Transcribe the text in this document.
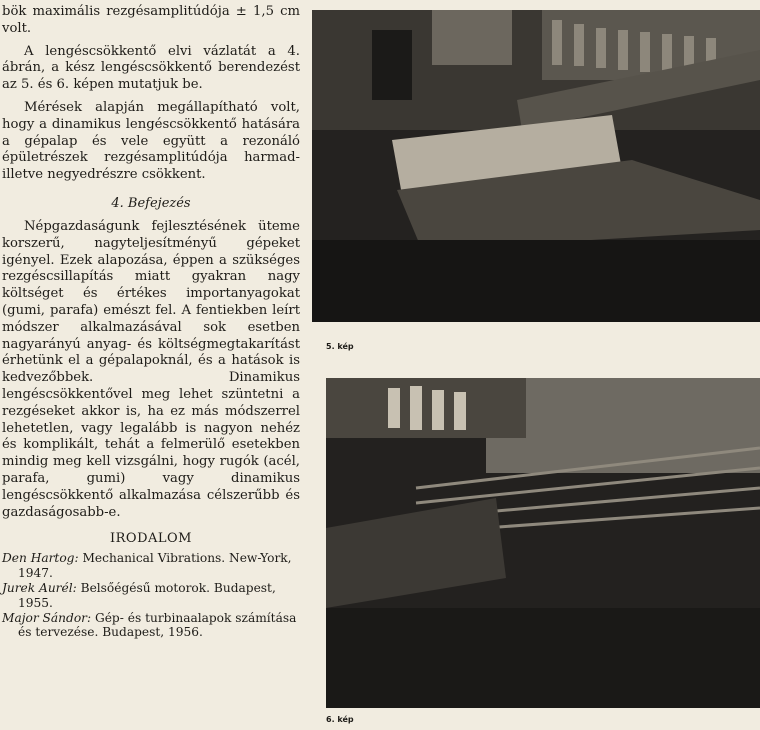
bök maximális rezgésamplitúdója ± 1,5 cm volt.

A lengéscsökkentő elvi vázlatát a 4. ábrán, a kész lengéscsökkentő berendezést az 5. és 6. képen mutatjuk be.

Mérések alapján megállapítható volt, hogy a dinamikus lengéscsökkentő hatására a gépalap és vele együtt a rezonáló épületrészek rezgésamplitúdója harmad- illetve negyedrészre csökkent.

4. Befejezés

Népgazdaságunk fejlesztésének üteme korszerű, nagyteljesítményű gépeket igényel. Ezek alapozása, éppen a szükséges rezgéscsillapítás miatt gyakran nagy költséget és értékes importanyagokat (gumi, parafa) emészt fel. A fentiekben leírt módszer alkalmazásával sok esetben nagyarányú anyag- és költségmegtakarítást érhetünk el a gépalapoknál, és a hatások is kedvezőbbek. Dinamikus lengéscsökkentővel meg lehet szüntetni a rezgéseket akkor is, ha ez más módszerrel lehetetlen, vagy legalább is nagyon nehéz és komplikált, tehát a felmerülő esetekben mindig meg kell vizsgálni, hogy rugók (acél, parafa, gumi) vagy dinamikus lengéscsökkentő alkalmazása célszerűbb és gazdaságosabb-e.

IRODALOM

Den Hartog: Mechanical Vibrations. New-York, 1947.

Jurek Aurél: Belsőégésű motorok. Budapest, 1955.

Major Sándor: Gép- és turbinaalapok számítása és tervezése. Budapest, 1956.

5. kép
6. kép
